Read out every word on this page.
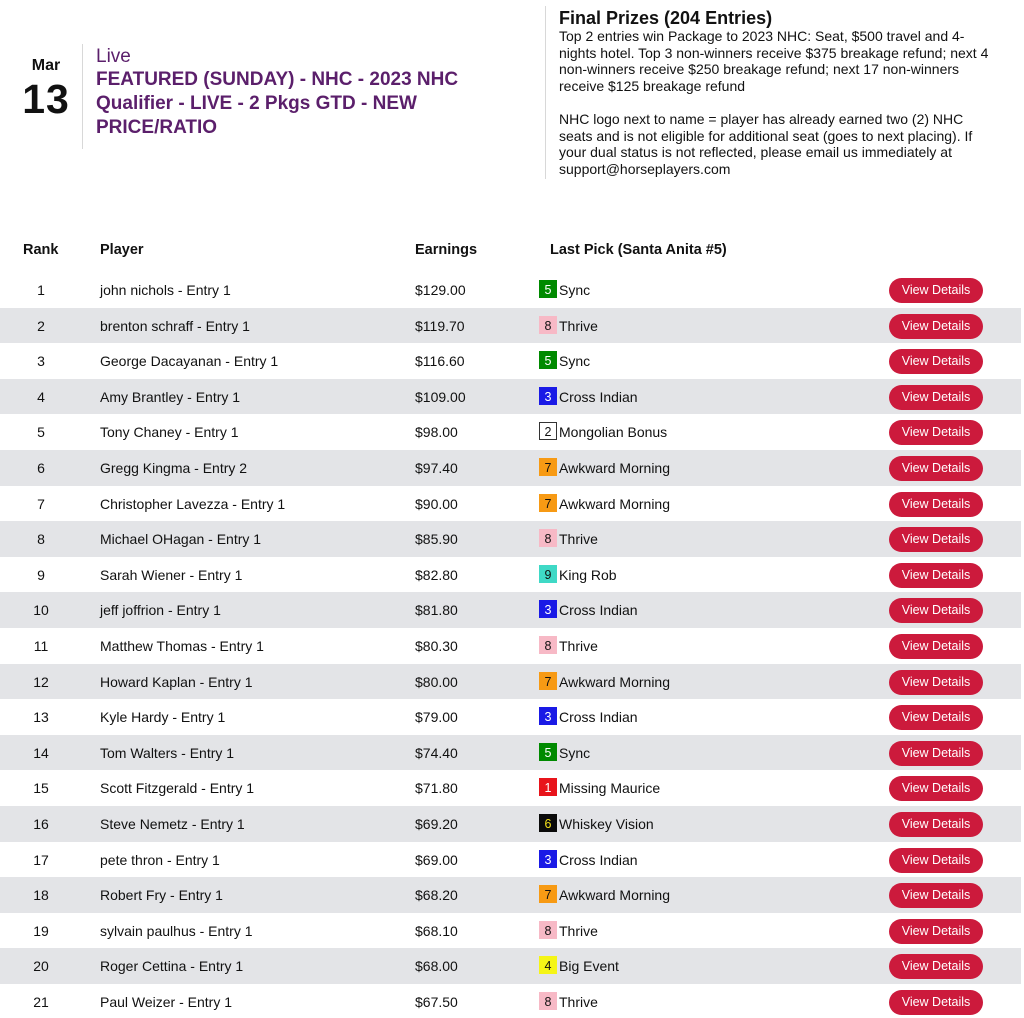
Mar
13
Live
FEATURED (SUNDAY) - NHC - 2023 NHC Qualifier - LIVE - 2 Pkgs GTD - NEW PRICE/RATIO
Final Prizes (204 Entries)
Top 2 entries win Package to 2023 NHC: Seat, $500 travel and 4-nights hotel. Top 3 non-winners receive $375 breakage refund; next 4 non-winners receive $250 breakage refund; next 17 non-winners receive $125 breakage refund
NHC logo next to name = player has already earned two (2) NHC seats and is not eligible for additional seat (goes to next placing). If your dual status is not reflected, please email us immediately at support@horseplayers.com
Rank	Player	Earnings	Last Pick (Santa Anita #5)
1	john nichols - Entry 1	$129.00	5 Sync	View Details
2	brenton schraff - Entry 1	$119.70	8 Thrive	View Details
3	George Dacayanan - Entry 1	$116.60	5 Sync	View Details
4	Amy Brantley - Entry 1	$109.00	3 Cross Indian	View Details
5	Tony Chaney - Entry 1	$98.00	2 Mongolian Bonus	View Details
6	Gregg Kingma - Entry 2	$97.40	7 Awkward Morning	View Details
7	Christopher Lavezza - Entry 1	$90.00	7 Awkward Morning	View Details
8	Michael OHagan - Entry 1	$85.90	8 Thrive	View Details
9	Sarah Wiener - Entry 1	$82.80	9 King Rob	View Details
10	jeff joffrion - Entry 1	$81.80	3 Cross Indian	View Details
11	Matthew Thomas - Entry 1	$80.30	8 Thrive	View Details
12	Howard Kaplan - Entry 1	$80.00	7 Awkward Morning	View Details
13	Kyle Hardy - Entry 1	$79.00	3 Cross Indian	View Details
14	Tom Walters - Entry 1	$74.40	5 Sync	View Details
15	Scott Fitzgerald - Entry 1	$71.80	1 Missing Maurice	View Details
16	Steve Nemetz - Entry 1	$69.20	6 Whiskey Vision	View Details
17	pete thron - Entry 1	$69.00	3 Cross Indian	View Details
18	Robert Fry - Entry 1	$68.20	7 Awkward Morning	View Details
19	sylvain paulhus - Entry 1	$68.10	8 Thrive	View Details
20	Roger Cettina - Entry 1	$68.00	4 Big Event	View Details
21	Paul Weizer - Entry 1	$67.50	8 Thrive	View Details
